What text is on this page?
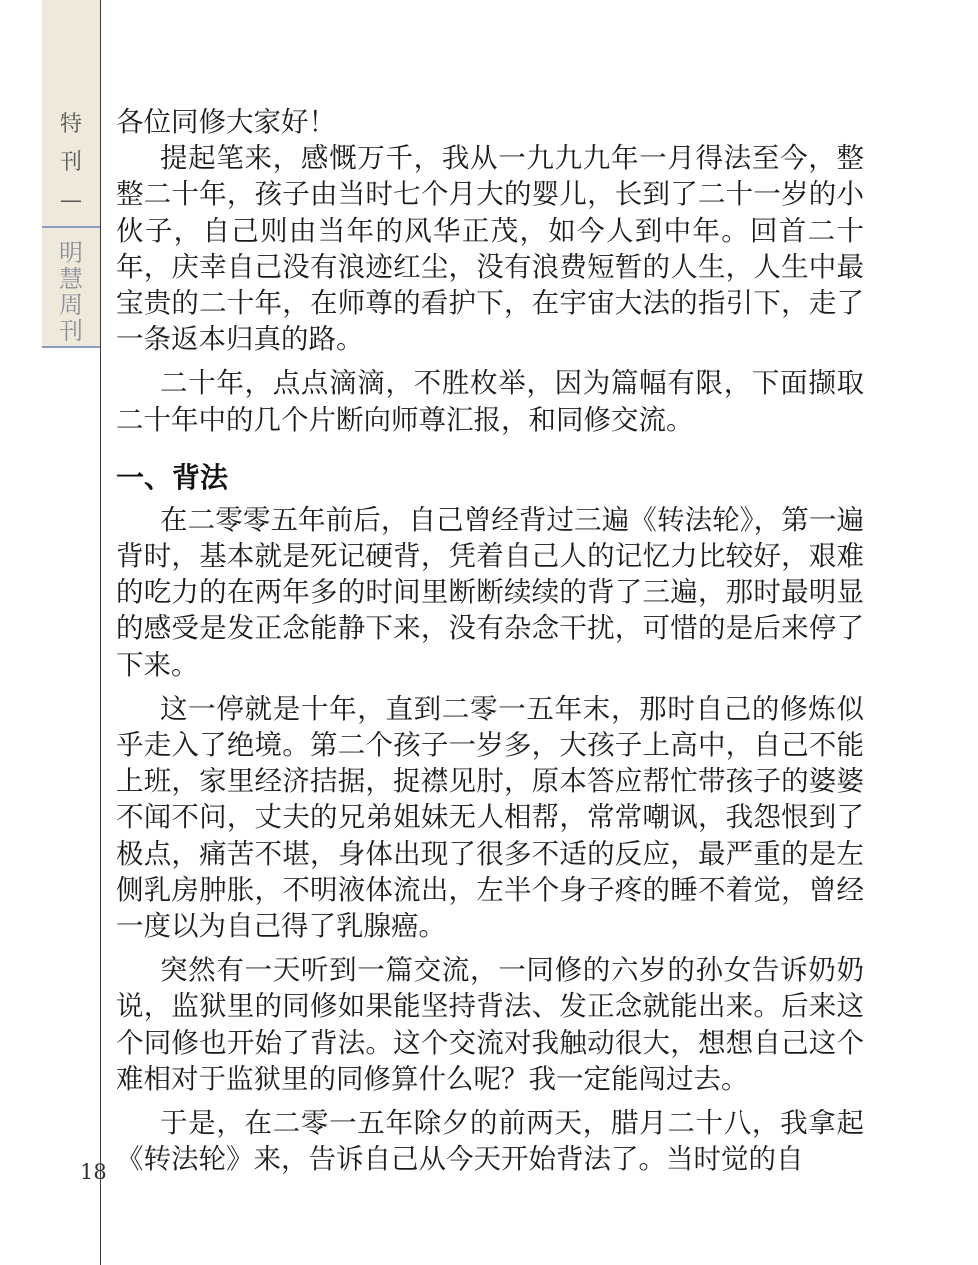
特
刊
—
明
慧
周
刊

各位同修大家好！

提起笔来，感慨万千，我从一九九九年一月得法至今，整整二十年，孩子由当时七个月大的婴儿，长到了二十一岁的小伙子，自己则由当年的风华正茂，如今人到中年。回首二十年，庆幸自己没有浪迹红尘，没有浪费短暂的人生，人生中最宝贵的二十年，在师尊的看护下，在宇宙大法的指引下，走了一条返本归真的路。

二十年，点点滴滴，不胜枚举，因为篇幅有限，下面撷取二十年中的几个片断向师尊汇报，和同修交流。

一、背法

在二零零五年前后，自己曾经背过三遍《转法轮》，第一遍背时，基本就是死记硬背，凭着自己人的记忆力比较好，艰难的吃力的在两年多的时间里断断续续的背了三遍，那时最明显的感受是发正念能静下来，没有杂念干扰，可惜的是后来停了下来。

这一停就是十年，直到二零一五年末，那时自己的修炼似乎走入了绝境。第二个孩子一岁多，大孩子上高中，自己不能上班，家里经济拮据，捉襟见肘，原本答应帮忙带孩子的婆婆不闻不问，丈夫的兄弟姐妹无人相帮，常常嘲讽，我怨恨到了极点，痛苦不堪，身体出现了很多不适的反应，最严重的是左侧乳房肿胀，不明液体流出，左半个身子疼的睡不着觉，曾经一度以为自己得了乳腺癌。

突然有一天听到一篇交流，一同修的六岁的孙女告诉奶奶说，监狱里的同修如果能坚持背法、发正念就能出来。后来这个同修也开始了背法。这个交流对我触动很大，想想自己这个难相对于监狱里的同修算什么呢？我一定能闯过去。

于是，在二零一五年除夕的前两天，腊月二十八，我拿起《转法轮》来，告诉自己从今天开始背法了。当时觉的自

18
